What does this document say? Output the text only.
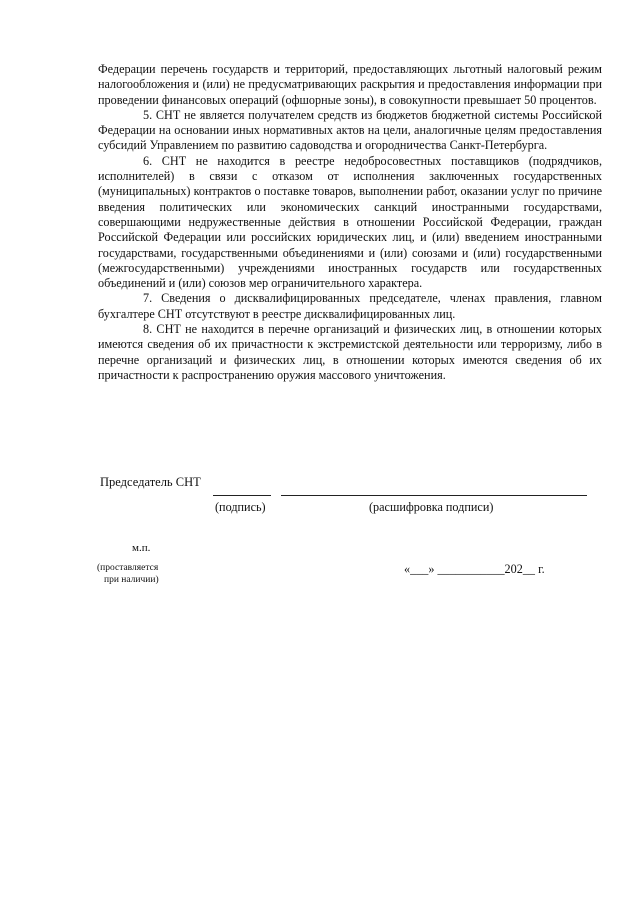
Федерации перечень государств и территорий, предоставляющих льготный налоговый режим налогообложения и (или) не предусматривающих раскрытия и предоставления информации при проведении финансовых операций (офшорные зоны), в совокупности превышает 50 процентов.

5. СНТ не является получателем средств из бюджетов бюджетной системы Российской Федерации на основании иных нормативных актов на цели, аналогичные целям предоставления субсидий Управлением по развитию садоводства и огородничества Санкт-Петербурга.

6. СНТ не находится в реестре недобросовестных поставщиков (подрядчиков, исполнителей) в связи с отказом от исполнения заключенных государственных (муниципальных) контрактов о поставке товаров, выполнении работ, оказании услуг по причине введения политических или экономических санкций иностранными государствами, совершающими недружественные действия в отношении Российской Федерации, граждан Российской Федерации или российских юридических лиц, и (или) введением иностранными государствами, государственными объединениями и (или) союзами и (или) государственными (межгосударственными) учреждениями иностранных государств или государственных объединений и (или) союзов мер ограничительного характера.

7. Сведения о дисквалифицированных председателе, членах правления, главном бухгалтере СНТ отсутствуют в реестре дисквалифицированных лиц.

8. СНТ не находится в перечне организаций и физических лиц, в отношении которых имеются сведения об их причастности к экстремистской деятельности или терроризму, либо в перечне организаций и физических лиц, в отношении которых имеются сведения об их причастности к распространению оружия массового уничтожения.

Председатель СНТ
(подпись)	(расшифровка подписи)
м.п.
(проставляется
при наличии)
«___» ___________202__ г.
